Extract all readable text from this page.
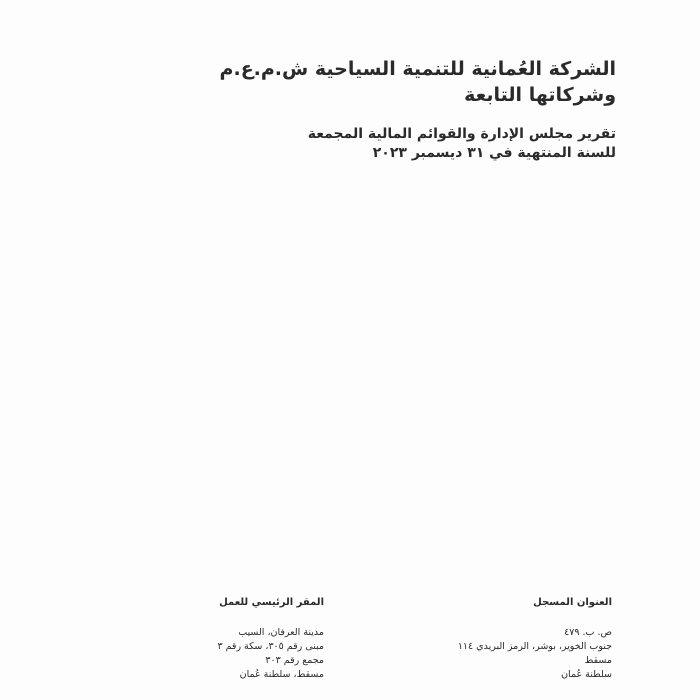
الشركة العُمانية للتنمية السياحية ش.م.ع.م

وشركاتها التابعة

تقرير مجلس الإدارة والقوائم المالية المجمعة

للسنة المنتهية في ٣١ ديسمبر ٢٠٢٣

العنوان المسجل

ص. ب. ٤٧٩

جنوب الخوير، بوشر، الرمز البريدي ١١٤

مسقط

سلطنة عُمان

المقر الرئيسي للعمل

مدينة العرفان، السيب

مبنى رقم ٣٠٥، سكة رقم ٣

مجمع رقم ٣٠٣

مسقط، سلطنة عُمان
